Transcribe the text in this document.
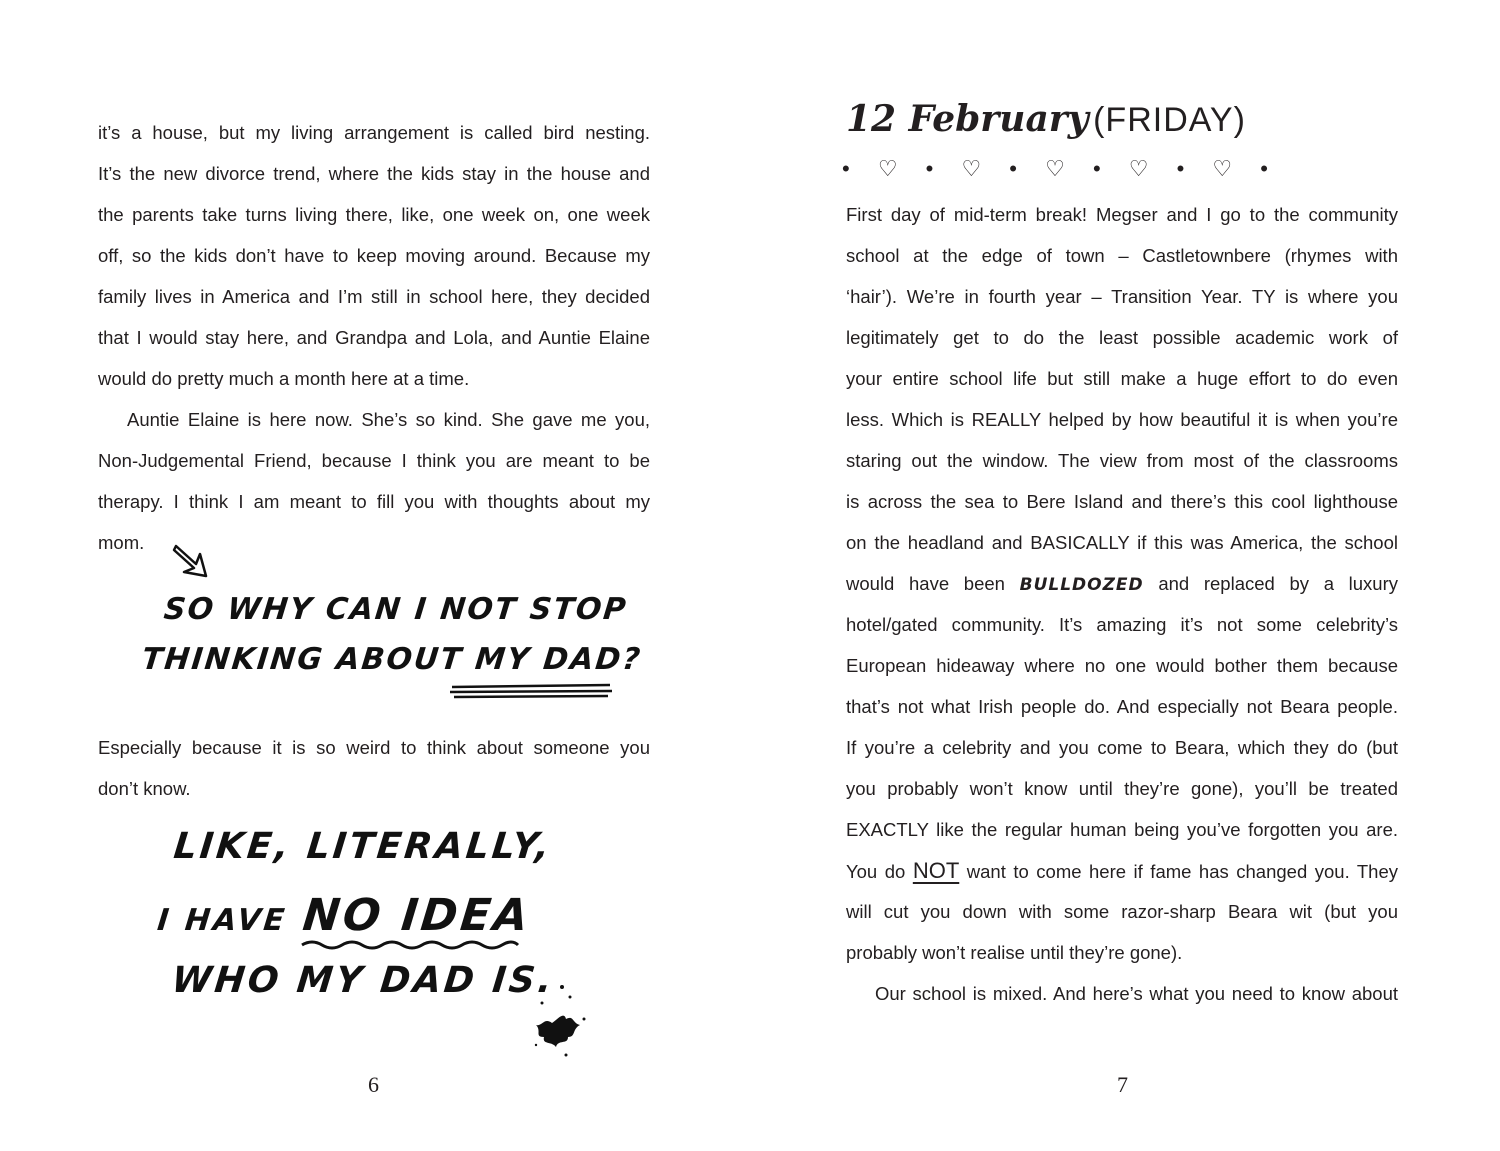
it’s a house, but my living arrangement is called bird nesting.
It’s the new divorce trend, where the kids stay in the house and
the parents take turns living there, like, one week on, one week
off, so the kids don’t have to keep moving around. Because my
family lives in America and I’m still in school here, they decided
that I would stay here, and Grandpa and Lola, and Auntie Elaine
would do pretty much a month here at a time.
Auntie Elaine is here now. She’s so kind. She gave me you,
Non-Judgemental Friend, because I think you are meant to be
therapy. I think I am meant to fill you with thoughts about my
mom.
SO WHY CAN I NOT STOP
THINKING ABOUT MY DAD?
Especially because it is so weird to think about someone you
don’t know.
LIKE, LITERALLY,
I HAVE NO IDEA
WHO MY DAD IS.
6
12 February (FRIDAY)
• ♡ • ♡ • ♡ • ♡ • ♡ •
First day of mid-term break! Megser and I go to the community
school at the edge of town – Castletownbere (rhymes with
‘hair’). We’re in fourth year – Transition Year. TY is where you
legitimately get to do the least possible academic work of
your entire school life but still make a huge effort to do even
less. Which is REALLY helped by how beautiful it is when you’re
staring out the window. The view from most of the classrooms
is across the sea to Bere Island and there’s this cool lighthouse
on the headland and BASICALLY if this was America, the school
would have been BULLDOZED and replaced by a luxury
hotel/gated community. It’s amazing it’s not some celebrity’s
European hideaway where no one would bother them because
that’s not what Irish people do. And especially not Beara people.
If you’re a celebrity and you come to Beara, which they do (but
you probably won’t know until they’re gone), you’ll be treated
EXACTLY like the regular human being you’ve forgotten you are.
You do NOT want to come here if fame has changed you. They
will cut you down with some razor-sharp Beara wit (but you
probably won’t realise until they’re gone).
Our school is mixed. And here’s what you need to know about
7
